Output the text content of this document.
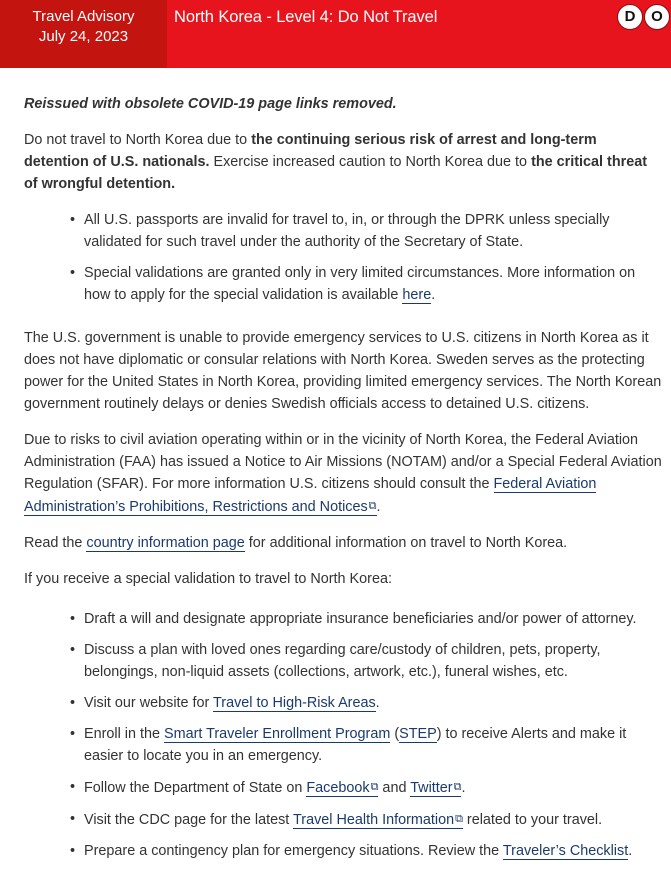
Travel Advisory
July 24, 2023
North Korea - Level 4: Do Not Travel	D	O

Reissued with obsolete COVID-19 page links removed.

Do not travel to North Korea due to the continuing serious risk of arrest and long-term detention of U.S. nationals. Exercise increased caution to North Korea due to the critical threat of wrongful detention.

• All U.S. passports are invalid for travel to, in, or through the DPRK unless specially validated for such travel under the authority of the Secretary of State.
• Special validations are granted only in very limited circumstances. More information on how to apply for the special validation is available here.

The U.S. government is unable to provide emergency services to U.S. citizens in North Korea as it does not have diplomatic or consular relations with North Korea. Sweden serves as the protecting power for the United States in North Korea, providing limited emergency services. The North Korean government routinely delays or denies Swedish officials access to detained U.S. citizens.

Due to risks to civil aviation operating within or in the vicinity of North Korea, the Federal Aviation Administration (FAA) has issued a Notice to Air Missions (NOTAM) and/or a Special Federal Aviation Regulation (SFAR). For more information U.S. citizens should consult the Federal Aviation Administration’s Prohibitions, Restrictions and Notices⧉.

Read the country information page for additional information on travel to North Korea.

If you receive a special validation to travel to North Korea:

• Draft a will and designate appropriate insurance beneficiaries and/or power of attorney.
• Discuss a plan with loved ones regarding care/custody of children, pets, property, belongings, non-liquid assets (collections, artwork, etc.), funeral wishes, etc.
• Visit our website for Travel to High-Risk Areas.
• Enroll in the Smart Traveler Enrollment Program (STEP) to receive Alerts and make it easier to locate you in an emergency.
• Follow the Department of State on Facebook⧉ and Twitter⧉.
• Visit the CDC page for the latest Travel Health Information⧉ related to your travel.
• Prepare a contingency plan for emergency situations. Review the Traveler’s Checklist.
